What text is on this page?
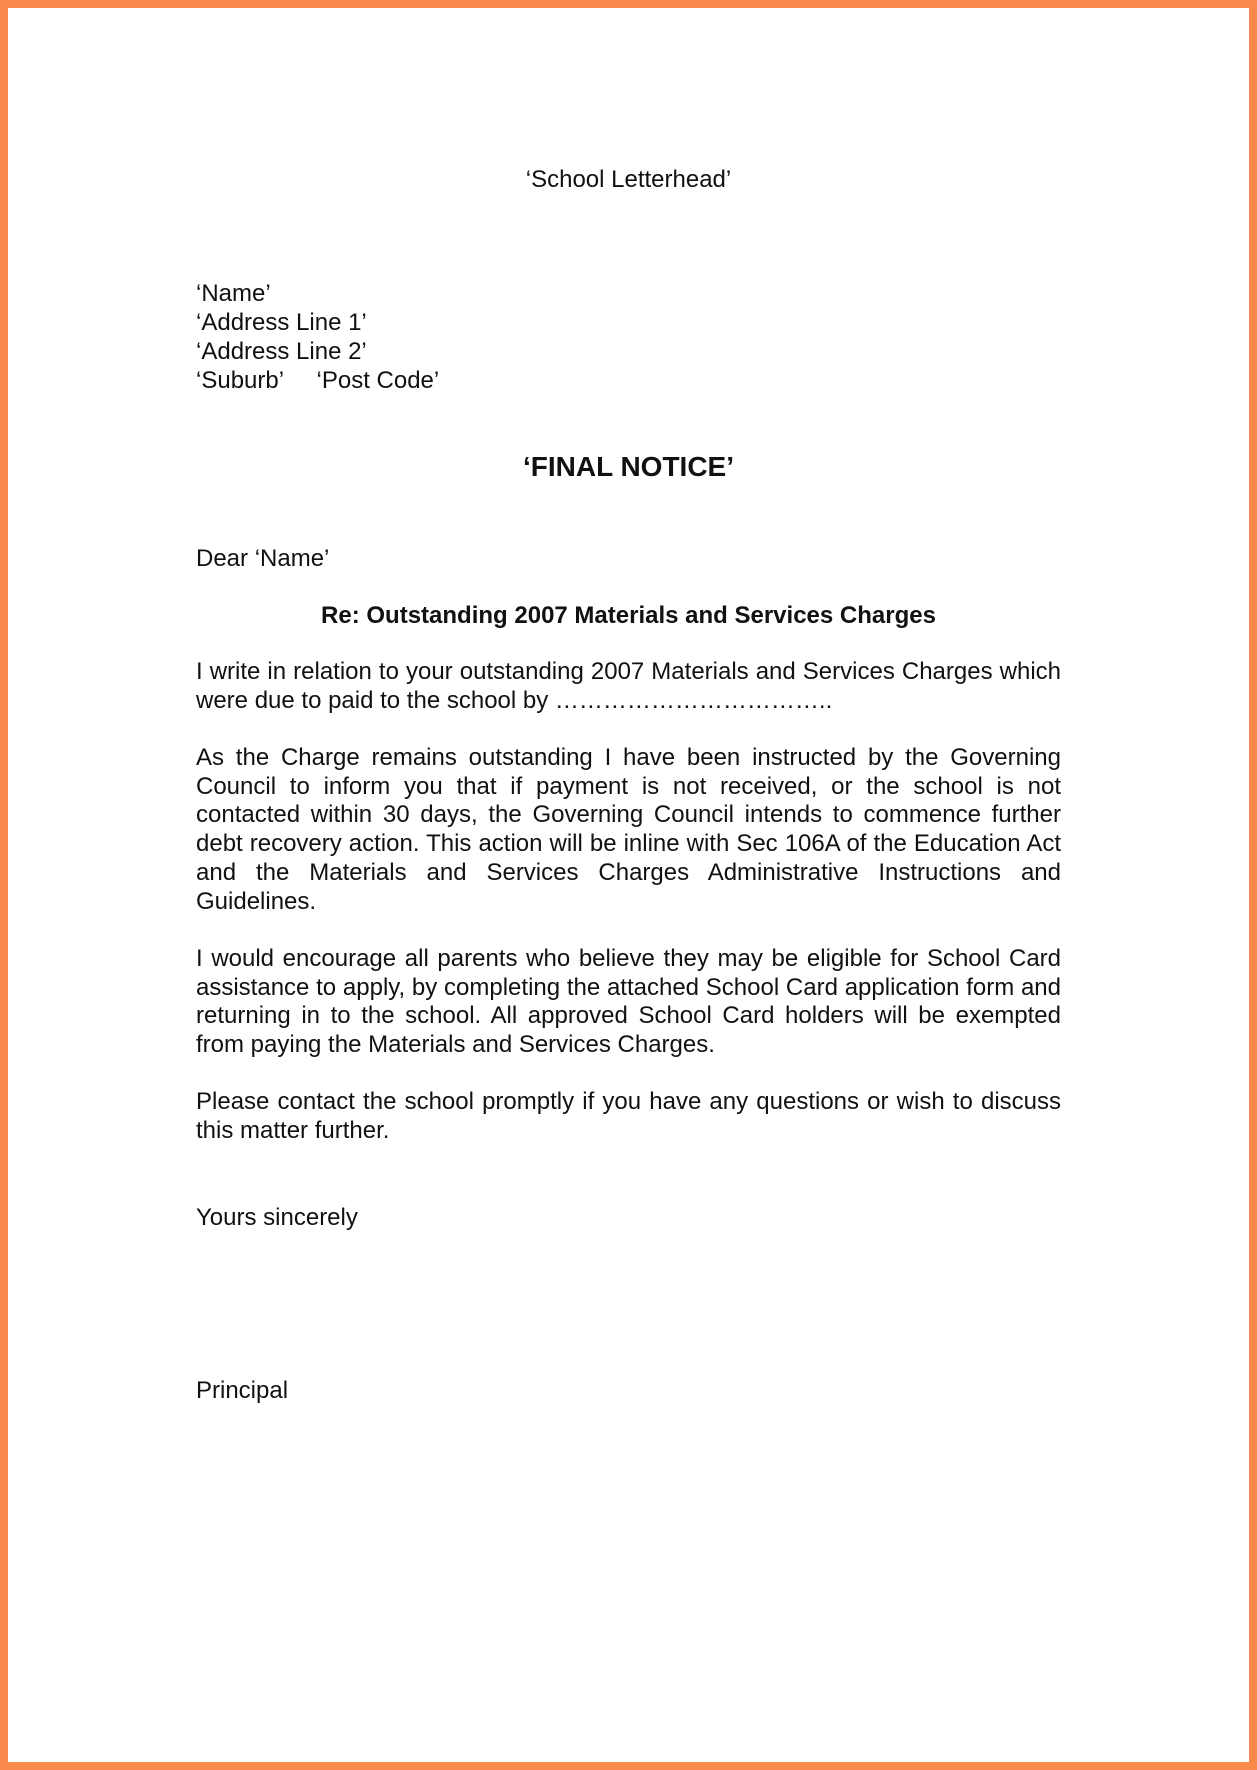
‘School Letterhead’
‘Name’
‘Address Line 1’
‘Address Line 2’
‘Suburb’     ‘Post Code’
‘FINAL NOTICE’
Dear ‘Name’
Re: Outstanding 2007 Materials and Services Charges

I write in relation to your outstanding 2007 Materials and Services Charges which were due to paid to the school by ……………………………..

As the Charge remains outstanding I have been instructed by the Governing Council to inform you that if payment is not received, or the school is not contacted within 30 days, the Governing Council intends to commence further debt recovery action. This action will be inline with Sec 106A of the Education Act and the Materials and Services Charges Administrative Instructions and Guidelines.

I would encourage all parents who believe they may be eligible for School Card assistance to apply, by completing the attached School Card application form and returning in to the school. All approved School Card holders will be exempted from paying the Materials and Services Charges.

Please contact the school promptly if you have any questions or wish to discuss this matter further.

Yours sincerely
Principal
